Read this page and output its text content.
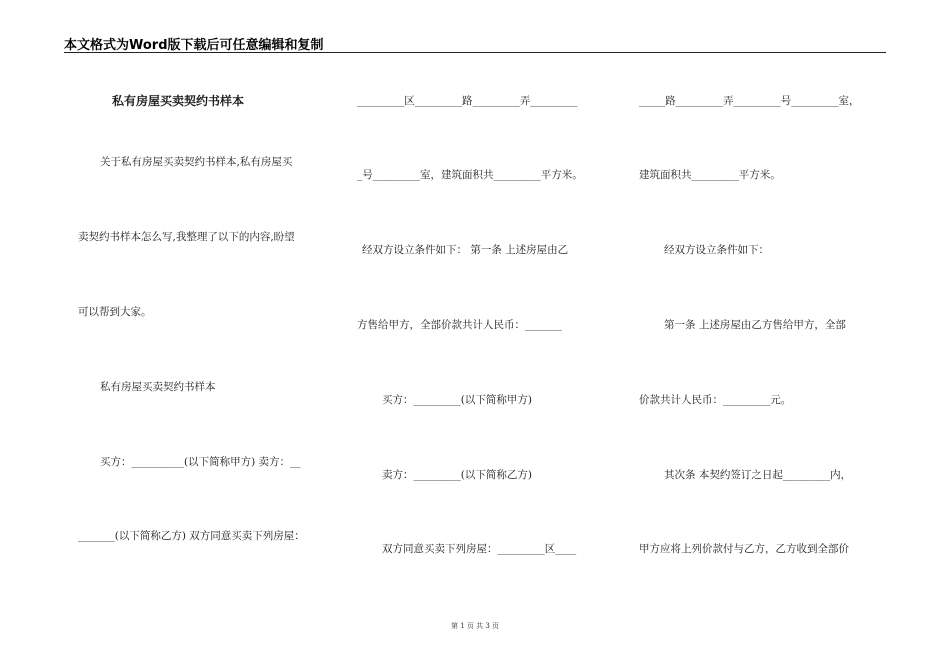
本文格式为Word版下载后可任意编辑和复制
私有房屋买卖契约书样本
关于私有房屋买卖契约书样本,私有房屋买
卖契约书样本怎么写,我整理了以下的内容,盼望
可以帮到大家。
私有房屋买卖契约书样本
买方：__________(以下简称甲方) 卖方：__
_______(以下简称乙方) 双方同意买卖下列房屋：
_________区_________路_________弄_________
_号_________室，建筑面积共_________平方米。
经双方设立条件如下： 第一条 上述房屋由乙
方售给甲方，全部价款共计人民币：_______
买方：_________(以下简称甲方)
卖方：_________(以下简称乙方)
双方同意买卖下列房屋：_________区____
_____路_________弄_________号_________室，
建筑面积共_________平方米。
经双方设立条件如下：
第一条 上述房屋由乙方售给甲方，全部
价款共计人民币：_________元。
其次条 本契约签订之日起_________内，
甲方应将上列价款付与乙方，乙方收到全部价
第 1 页 共 3 页
